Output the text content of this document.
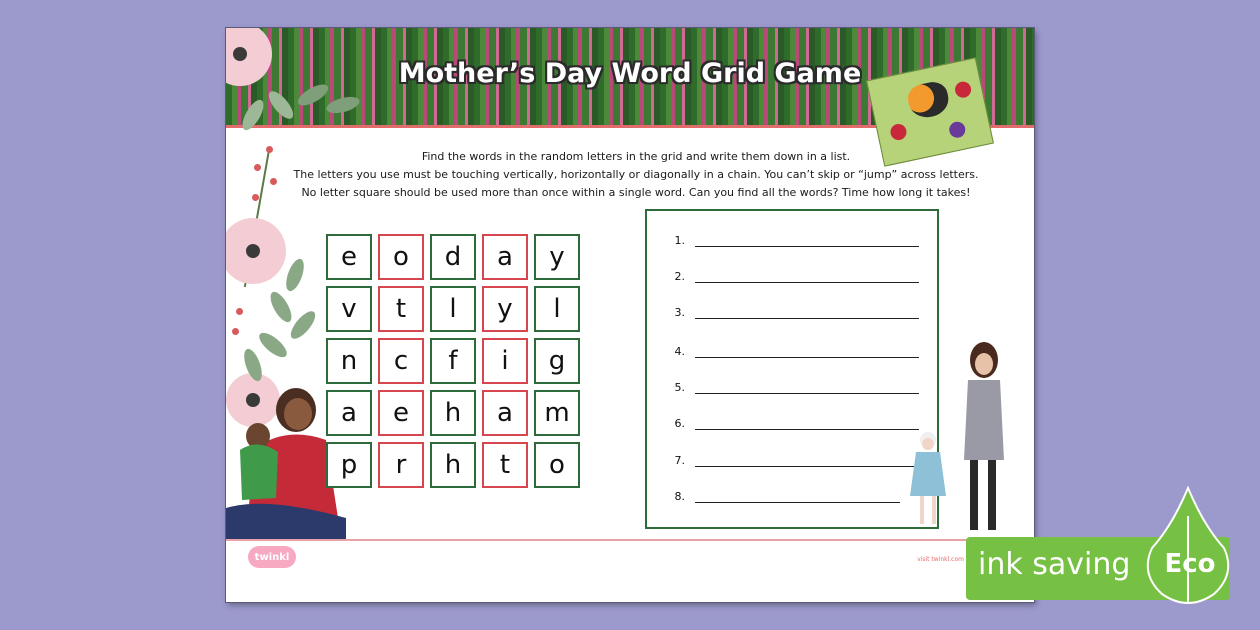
Mother’s Day Word Grid Game
Find the words in the random letters in the grid and write them down in a list.
The letters you use must be touching vertically, horizontally or diagonally in a chain. You can’t skip or “jump” across letters.
No letter square should be used more than once within a single word. Can you find all the words? Time how long it takes!
e	o	d	a	y
v	t	l	y	l
n	c	f	i	g
a	e	h	a	m
p	r	h	t	o
1.
2.
3.
4.
5.
6.
7.
8.
twinkl	visit twinkl.com ink saving Eco
